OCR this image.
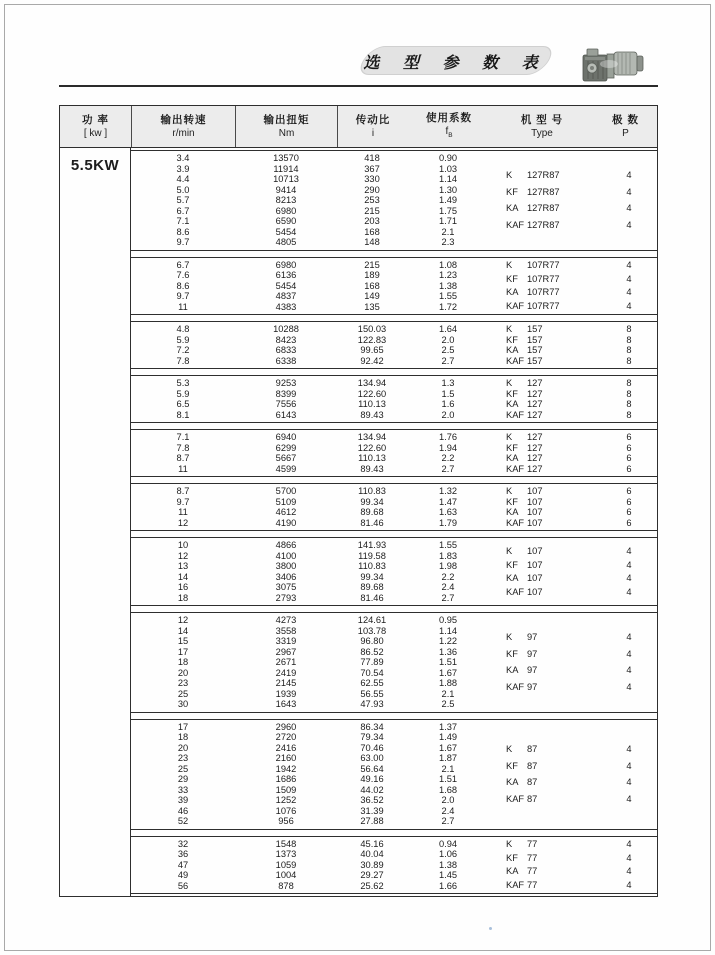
选 型 参 数 表
功 率
[ kw ]
输出转速
r/min
输出扭矩
Nm
传动比
i
使用系数
$f_B$
机 型 号
Type
极 数
P
5.5KW	3.4	13570	418	0.90
3.9	11914	367	1.03
4.4	10713	330	1.14
5.0	9414	290	1.30
5.7	8213	253	1.49
6.7	6980	215	1.75
7.1	6590	203	1.71
8.6	5454	168	2.1
9.7	4805	148	2.3
K	127R87	4
KF 127R87	4
KA 127R87	4
KAF 127R87	4
6.7	6980	215	1.08
7.6	6136	189	1.23
8.6	5454	168	1.38
9.7	4837	149	1.55
11	4383	135	1.72
K	107R77	4
KF 107R77	4
KA 107R77	4
KAF 107R77	4
4.8	10288	150.03	1.64
5.9	8423	122.83	2.0
7.2	6833	99.65	2.5
7.8	6338	92.42	2.7
K	157	8
KF 157	8
KA 157	8
KAF 157	8
5.3	9253	134.94	1.3
5.9	8399	122.60	1.5
6.5	7556	110.13	1.6
8.1	6143	89.43	2.0
K	127	8
KF 127	8
KA 127	8
KAF 127	8
7.1	6940	134.94	1.76
7.8	6299	122.60	1.94
8.7	5667	110.13	2.2
11	4599	89.43	2.7
K	127	6
KF 127	6
KA 127	6
KAF 127	6
8.7	5700	110.83	1.32
9.7	5109	99.34	1.47
11	4612	89.68	1.63
12	4190	81.46	1.79
K	107	6
KF 107	6
KA 107	6
KAF 107	6
10	4866	141.93	1.55
12	4100	119.58	1.83
13	3800	110.83	1.98
14	3406	99.34	2.2
16	3075	89.68	2.4
18	2793	81.46	2.7
K	107	4
KF 107	4
KA 107	4
KAF 107	4
12	4273	124.61	0.95
14	3558	103.78	1.14
15	3319	96.80	1.22
17	2967	86.52	1.36
18	2671	77.89	1.51
20	2419	70.54	1.67
23	2145	62.55	1.88
25	1939	56.55	2.1
30	1643	47.93	2.5
K	97	4
KF 97	4
KA 97	4
KAF 97	4
17	2960	86.34	1.37
18	2720	79.34	1.49
20	2416	70.46	1.67
23	2160	63.00	1.87
25	1942	56.64	2.1
29	1686	49.16	1.51
33	1509	44.02	1.68
39	1252	36.52	2.0
46	1076	31.39	2.4
52	956	27.88	2.7
K	87	4
KF 87	4
KA 87	4
KAF 87	4
32	1548	45.16	0.94
36	1373	40.04	1.06
47	1059	30.89	1.38
49	1004	29.27	1.45
56	878	25.62	1.66
K	77	4
KF 77	4
KA 77	4
KAF 77	4
